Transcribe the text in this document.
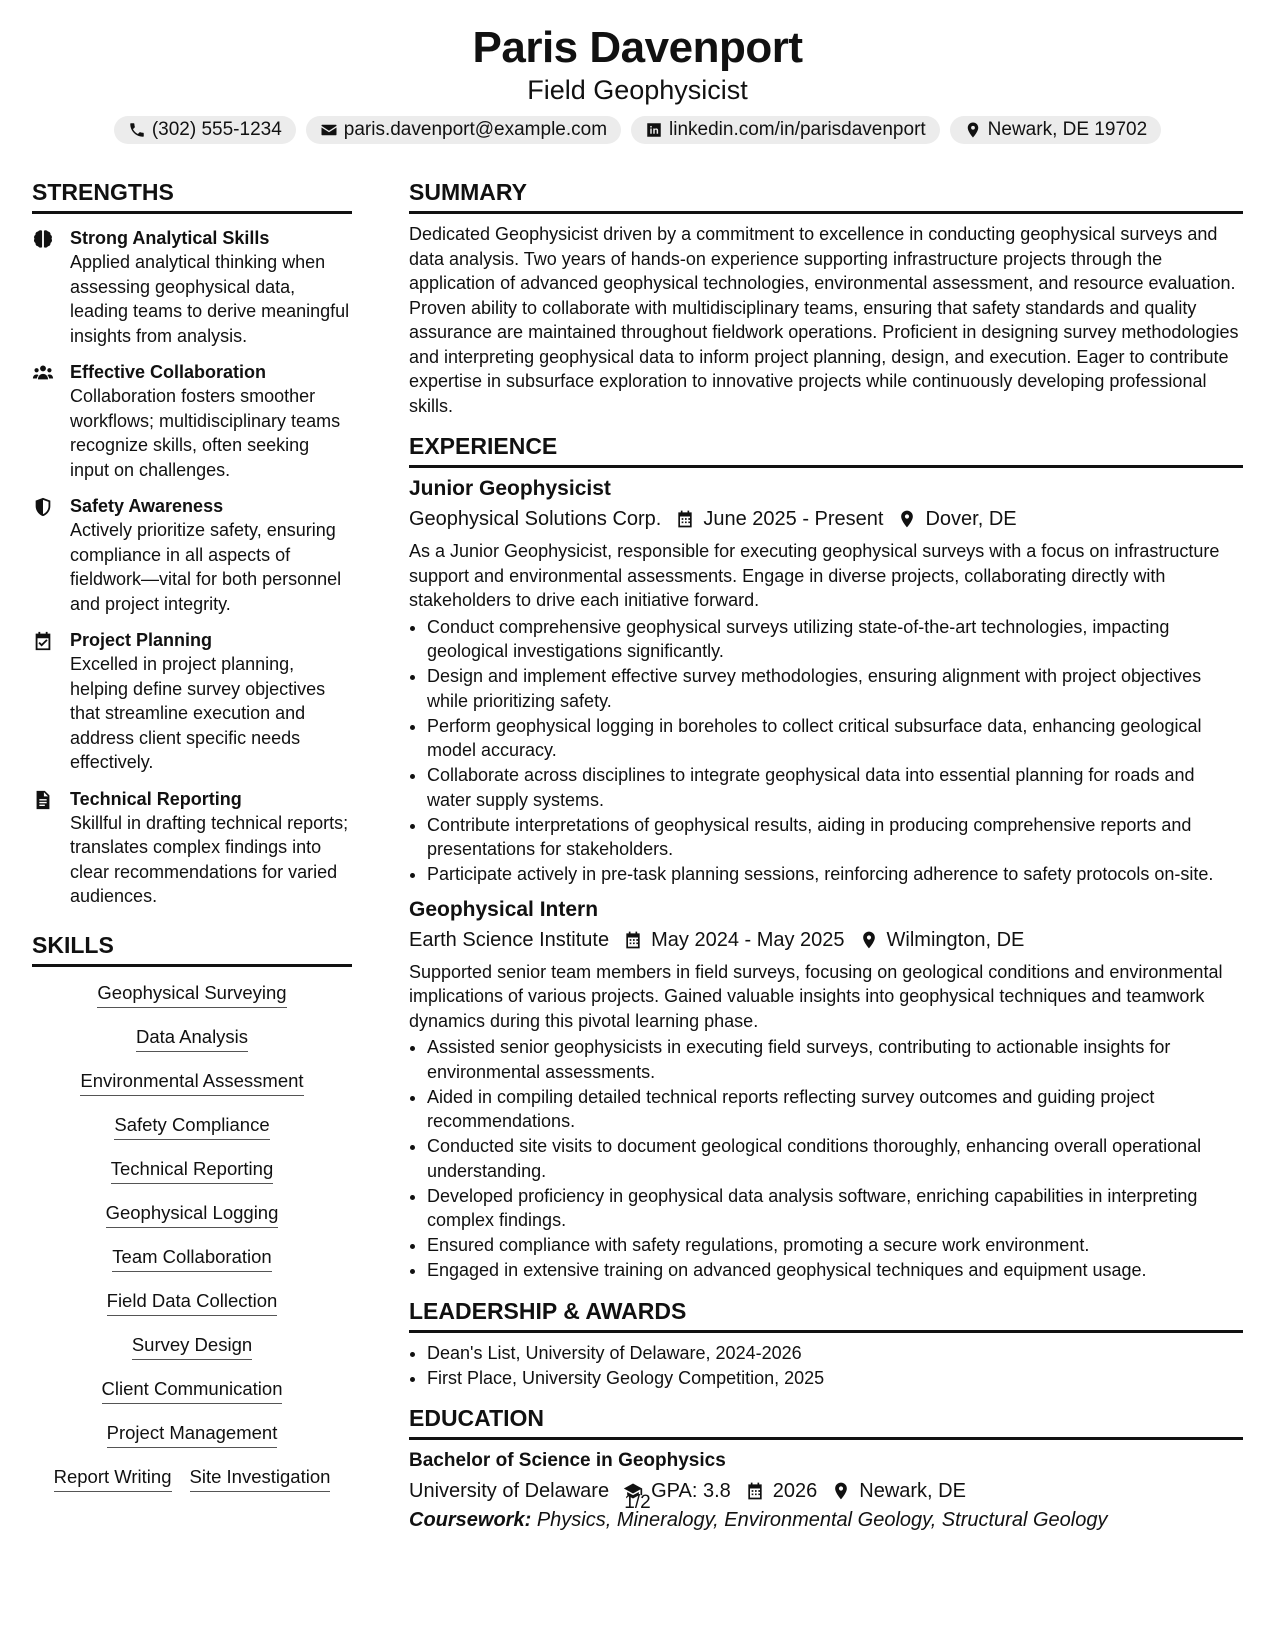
Paris Davenport
Field Geophysicist
(302) 555-1234	paris.davenport@example.com	linkedin.com/in/parisdavenport	Newark, DE 19702
STRENGTHS
Strong Analytical Skills
Applied analytical thinking when assessing geophysical data, leading teams to derive meaningful insights from analysis.
Effective Collaboration
Collaboration fosters smoother workflows; multidisciplinary teams recognize skills, often seeking input on challenges.
Safety Awareness
Actively prioritize safety, ensuring compliance in all aspects of fieldwork—vital for both personnel and project integrity.
Project Planning
Excelled in project planning, helping define survey objectives that streamline execution and address client specific needs effectively.
Technical Reporting
Skillful in drafting technical reports; translates complex findings into clear recommendations for varied audiences.
SKILLS
Geophysical Surveying
Data Analysis
Environmental Assessment
Safety Compliance
Technical Reporting
Geophysical Logging
Team Collaboration
Field Data Collection
Survey Design
Client Communication
Project Management
Report Writing Site Investigation
SUMMARY

Dedicated Geophysicist driven by a commitment to excellence in conducting geophysical surveys and data analysis. Two years of hands-on experience supporting infrastructure projects through the application of advanced geophysical technologies, environmental assessment, and resource evaluation. Proven ability to collaborate with multidisciplinary teams, ensuring that safety standards and quality assurance are maintained throughout fieldwork operations. Proficient in designing survey methodologies and interpreting geophysical data to inform project planning, design, and execution. Eager to contribute expertise in subsurface exploration to innovative projects while continuously developing professional skills.

EXPERIENCE
Junior Geophysicist
Geophysical Solutions Corp. June 2025 - Present Dover, DE

As a Junior Geophysicist, responsible for executing geophysical surveys with a focus on infrastructure support and environmental assessments. Engage in diverse projects, collaborating directly with stakeholders to drive each initiative forward.

• Conduct comprehensive geophysical surveys utilizing state-of-the-art technologies, impacting geological investigations significantly.
• Design and implement effective survey methodologies, ensuring alignment with project objectives while prioritizing safety.
• Perform geophysical logging in boreholes to collect critical subsurface data, enhancing geological model accuracy.
• Collaborate across disciplines to integrate geophysical data into essential planning for roads and water supply systems.
• Contribute interpretations of geophysical results, aiding in producing comprehensive reports and presentations for stakeholders.
• Participate actively in pre-task planning sessions, reinforcing adherence to safety protocols on-site.
Geophysical Intern
Earth Science Institute May 2024 - May 2025 Wilmington, DE

Supported senior team members in field surveys, focusing on geological conditions and environmental implications of various projects. Gained valuable insights into geophysical techniques and teamwork dynamics during this pivotal learning phase.

• Assisted senior geophysicists in executing field surveys, contributing to actionable insights for environmental assessments.
• Aided in compiling detailed technical reports reflecting survey outcomes and guiding project recommendations.
• Conducted site visits to document geological conditions thoroughly, enhancing overall operational understanding.
• Developed proficiency in geophysical data analysis software, enriching capabilities in interpreting complex findings.
• Ensured compliance with safety regulations, promoting a secure work environment.
• Engaged in extensive training on advanced geophysical techniques and equipment usage.
LEADERSHIP & AWARDS
• Dean's List, University of Delaware, 2024-2026
• First Place, University Geology Competition, 2025
EDUCATION
Bachelor of Science in Geophysics
University of Delaware GPA: 3.8 2026 Newark, DE
Coursework: Physics, Mineralogy, Environmental Geology, Structural Geology
1/2
